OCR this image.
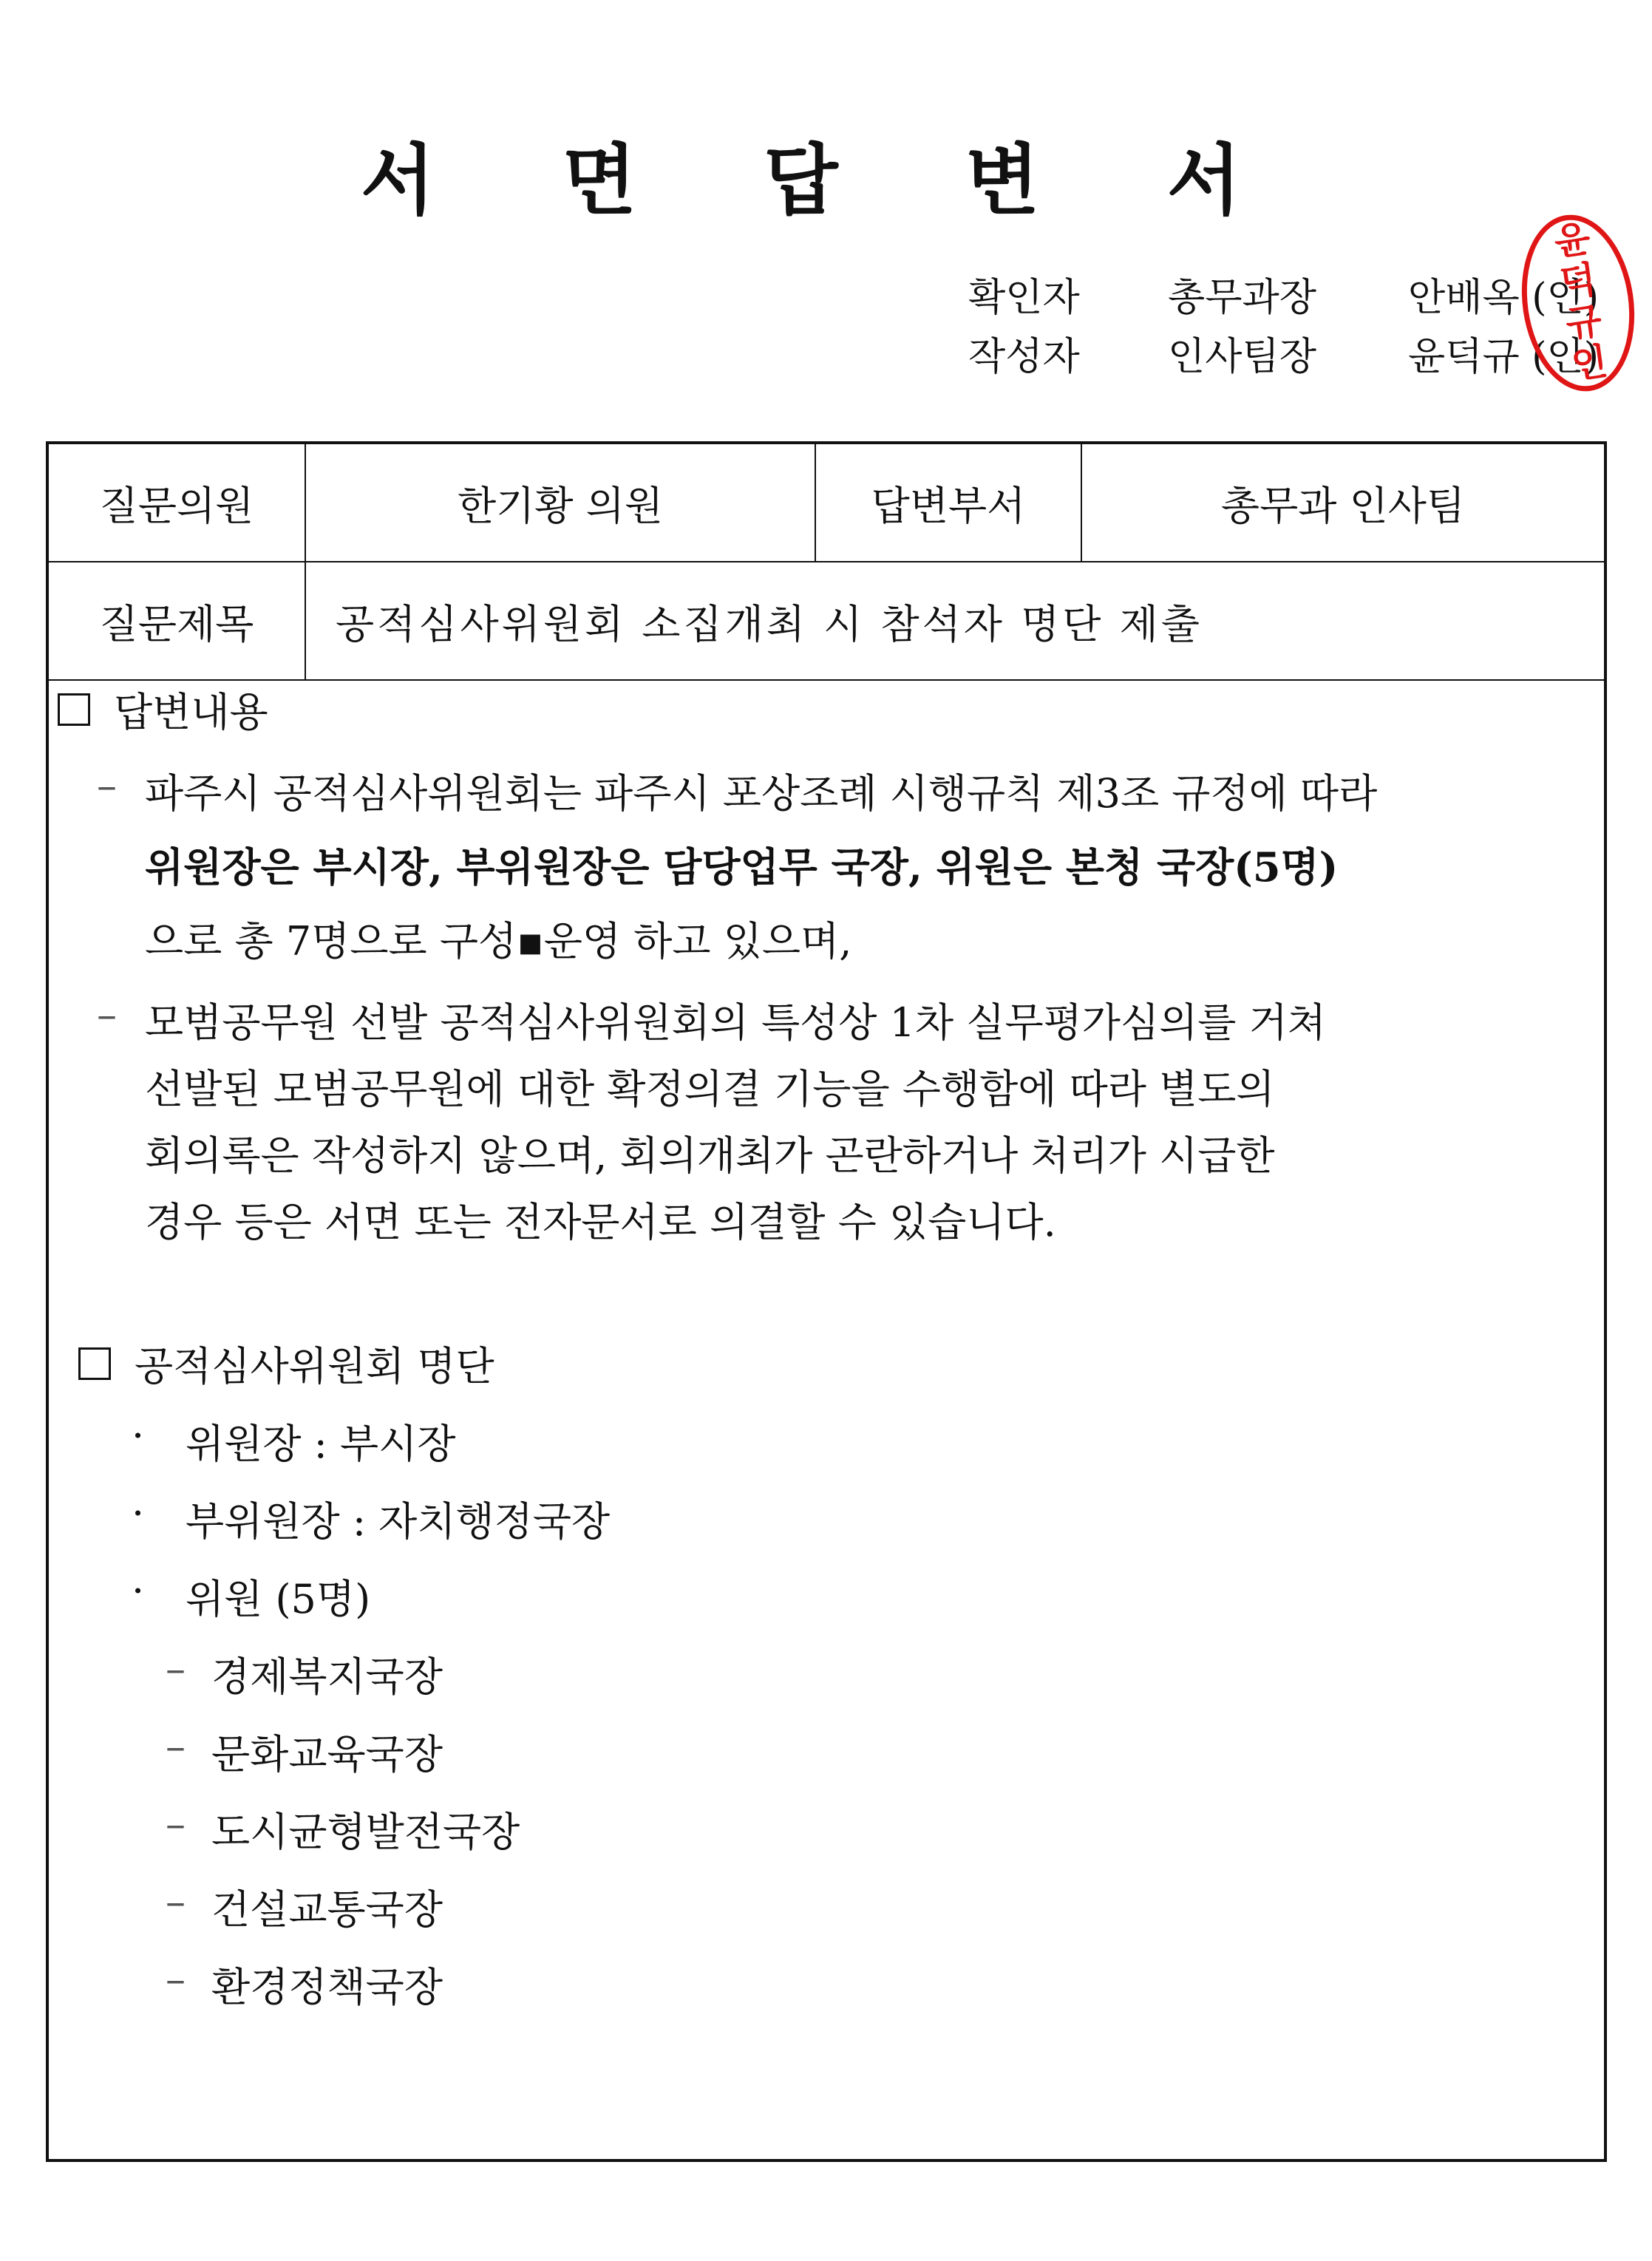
서 면 답 변 서
확인자 총무과장 안배옥 (인)
작성자 인사팀장 윤덕규 (인)
윤덕규인
질문의원	한기황 의원	답변부서	총무과 인사팀
질문제목	공적심사위원회 소집개최 시 참석자 명단 제출		
답변내용
– 파주시 공적심사위원회는 파주시 포상조례 시행규칙 제3조 규정에 따라
위원장은 부시장, 부위원장은 담당업무 국장, 위원은 본청 국장(5명)
으로 총 7명으로 구성▪운영 하고 있으며,
– 모범공무원 선발 공적심사위원회의 특성상 1차 실무평가심의를 거쳐
선발된 모범공무원에 대한 확정의결 기능을 수행함에 따라 별도의
회의록은 작성하지 않으며, 회의개최가 곤란하거나 처리가 시급한
경우 등은 서면 또는 전자문서로 의결할 수 있습니다.
공적심사위원회 명단
· 위원장 : 부시장
· 부위원장 : 자치행정국장
· 위원 (5명)
– 경제복지국장
– 문화교육국장
– 도시균형발전국장
– 건설교통국장
– 환경정책국장
